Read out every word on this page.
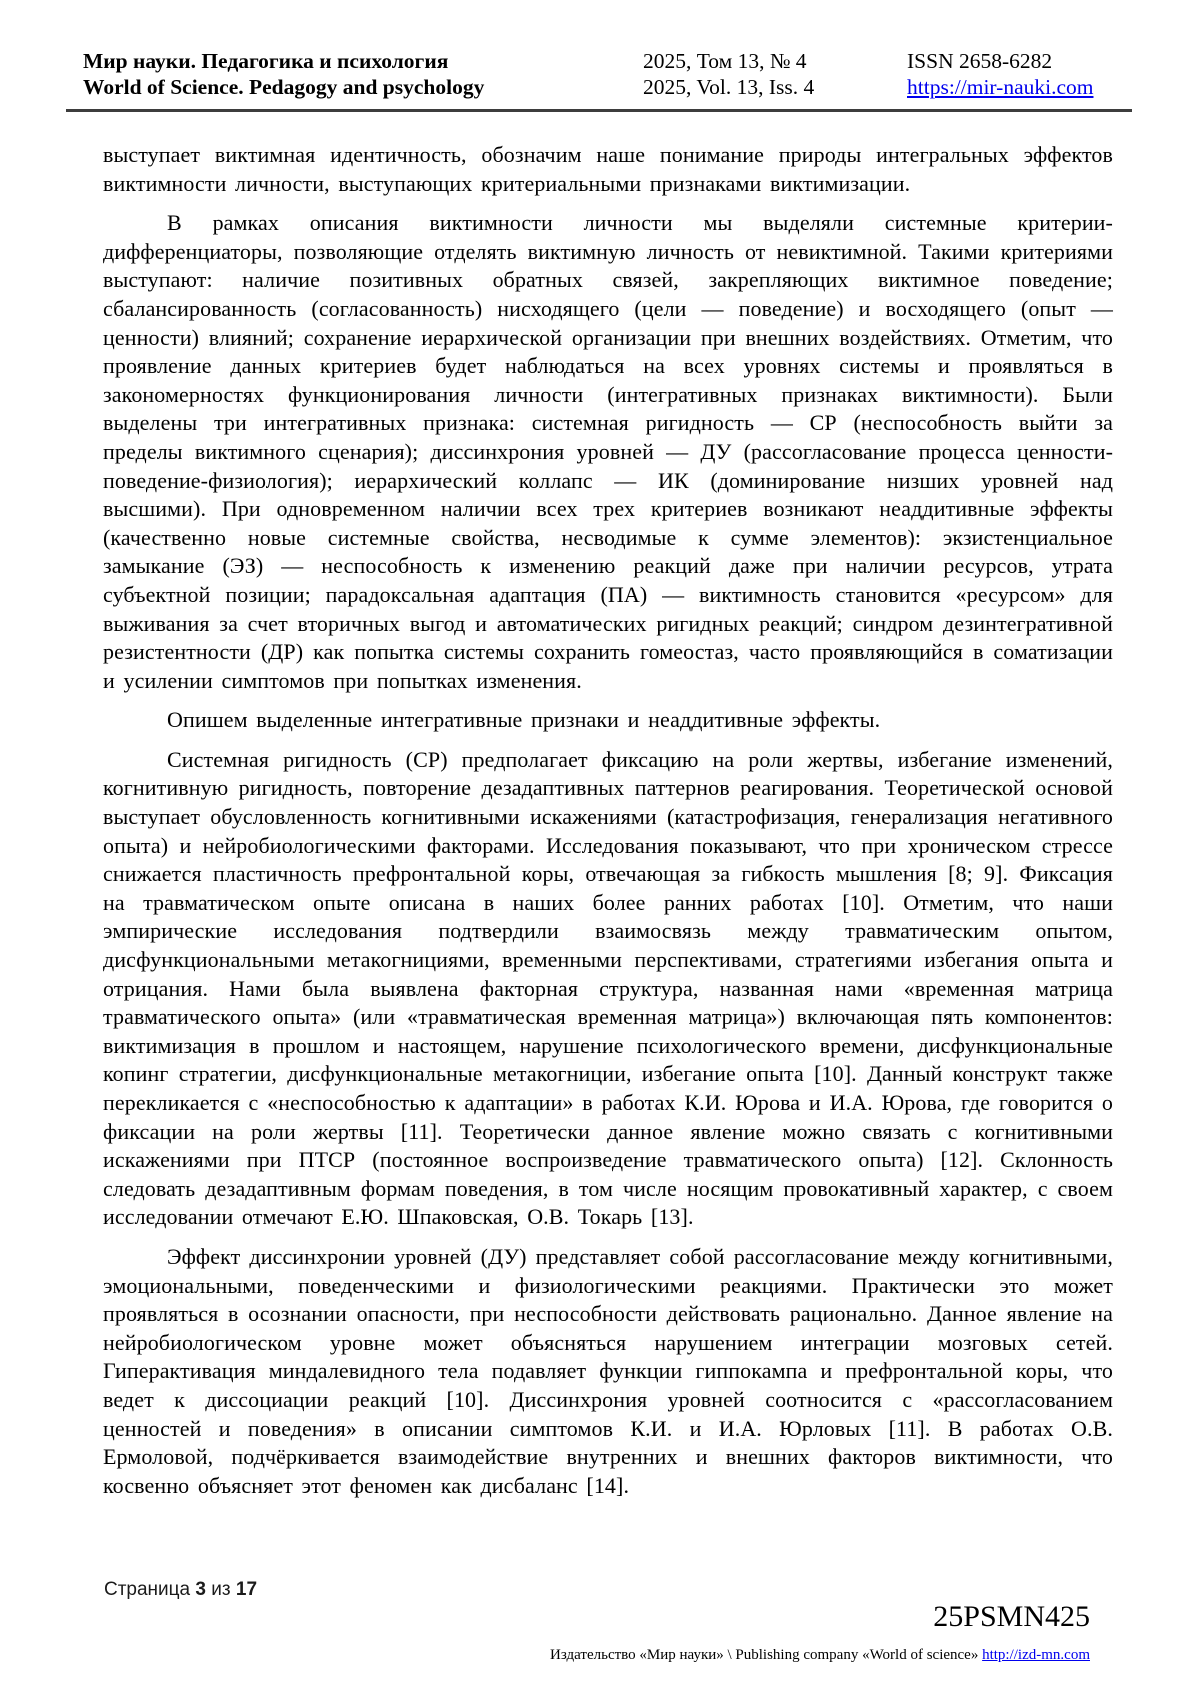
Мир науки. Педагогика и психология
World of Science. Pedagogy and psychology
2025, Том 13, № 4
2025, Vol. 13, Iss. 4
ISSN 2658-6282
https://mir-nauki.com

выступает виктимная идентичность, обозначим наше понимание природы интегральных эффектов виктимности личности, выступающих критериальными признаками виктимизации.

В рамках описания виктимности личности мы выделяли системные критерии-дифференциаторы, позволяющие отделять виктимную личность от невиктимной. Такими критериями выступают: наличие позитивных обратных связей, закрепляющих виктимное поведение; сбалансированность (согласованность) нисходящего (цели — поведение) и восходящего (опыт — ценности) влияний; сохранение иерархической организации при внешних воздействиях. Отметим, что проявление данных критериев будет наблюдаться на всех уровнях системы и проявляться в закономерностях функционирования личности (интегративных признаках виктимности). Были выделены три интегративных признака: системная ригидность — СР (неспособность выйти за пределы виктимного сценария); диссинхрония уровней — ДУ (рассогласование процесса ценности-поведение-физиология); иерархический коллапс — ИК (доминирование низших уровней над высшими). При одновременном наличии всех трех критериев возникают неаддитивные эффекты (качественно новые системные свойства, несводимые к сумме элементов): экзистенциальное замыкание (ЭЗ) — неспособность к изменению реакций даже при наличии ресурсов, утрата субъектной позиции; парадоксальная адаптация (ПА) — виктимность становится «ресурсом» для выживания за счет вторичных выгод и автоматических ригидных реакций; синдром дезинтегративной резистентности (ДР) как попытка системы сохранить гомеостаз, часто проявляющийся в соматизации и усилении симптомов при попытках изменения.

Опишем выделенные интегративные признаки и неаддитивные эффекты.

Системная ригидность (СР) предполагает фиксацию на роли жертвы, избегание изменений, когнитивную ригидность, повторение дезадаптивных паттернов реагирования. Теоретической основой выступает обусловленность когнитивными искажениями (катастрофизация, генерализация негативного опыта) и нейробиологическими факторами. Исследования показывают, что при хроническом стрессе снижается пластичность префронтальной коры, отвечающая за гибкость мышления [8; 9]. Фиксация на травматическом опыте описана в наших более ранних работах [10]. Отметим, что наши эмпирические исследования подтвердили взаимосвязь между травматическим опытом, дисфункциональными метакогнициями, временными перспективами, стратегиями избегания опыта и отрицания. Нами была выявлена факторная структура, названная нами «временная матрица травматического опыта» (или «травматическая временная матрица») включающая пять компонентов: виктимизация в прошлом и настоящем, нарушение психологического времени, дисфункциональные копинг стратегии, дисфункциональные метакогниции, избегание опыта [10]. Данный конструкт также перекликается с «неспособностью к адаптации» в работах К.И. Юрова и И.А. Юрова, где говорится о фиксации на роли жертвы [11]. Теоретически данное явление можно связать с когнитивными искажениями при ПТСР (постоянное воспроизведение травматического опыта) [12]. Склонность следовать дезадаптивным формам поведения, в том числе носящим провокативный характер, с своем исследовании отмечают Е.Ю. Шпаковская, О.В. Токарь [13].

Эффект диссинхронии уровней (ДУ) представляет собой рассогласование между когнитивными, эмоциональными, поведенческими и физиологическими реакциями. Практически это может проявляться в осознании опасности, при неспособности действовать рационально. Данное явление на нейробиологическом уровне может объясняться нарушением интеграции мозговых сетей. Гиперактивация миндалевидного тела подавляет функции гиппокампа и префронтальной коры, что ведет к диссоциации реакций [10]. Диссинхрония уровней соотносится с «рассогласованием ценностей и поведения» в описании симптомов К.И. и И.А. Юрловых [11]. В работах О.В. Ермоловой, подчёркивается взаимодействие внутренних и внешних факторов виктимности, что косвенно объясняет этот феномен как дисбаланс [14].

Страница 3 из 17
25PSMN425
Издательство «Мир науки» \ Publishing company «World of science» http://izd-mn.com
